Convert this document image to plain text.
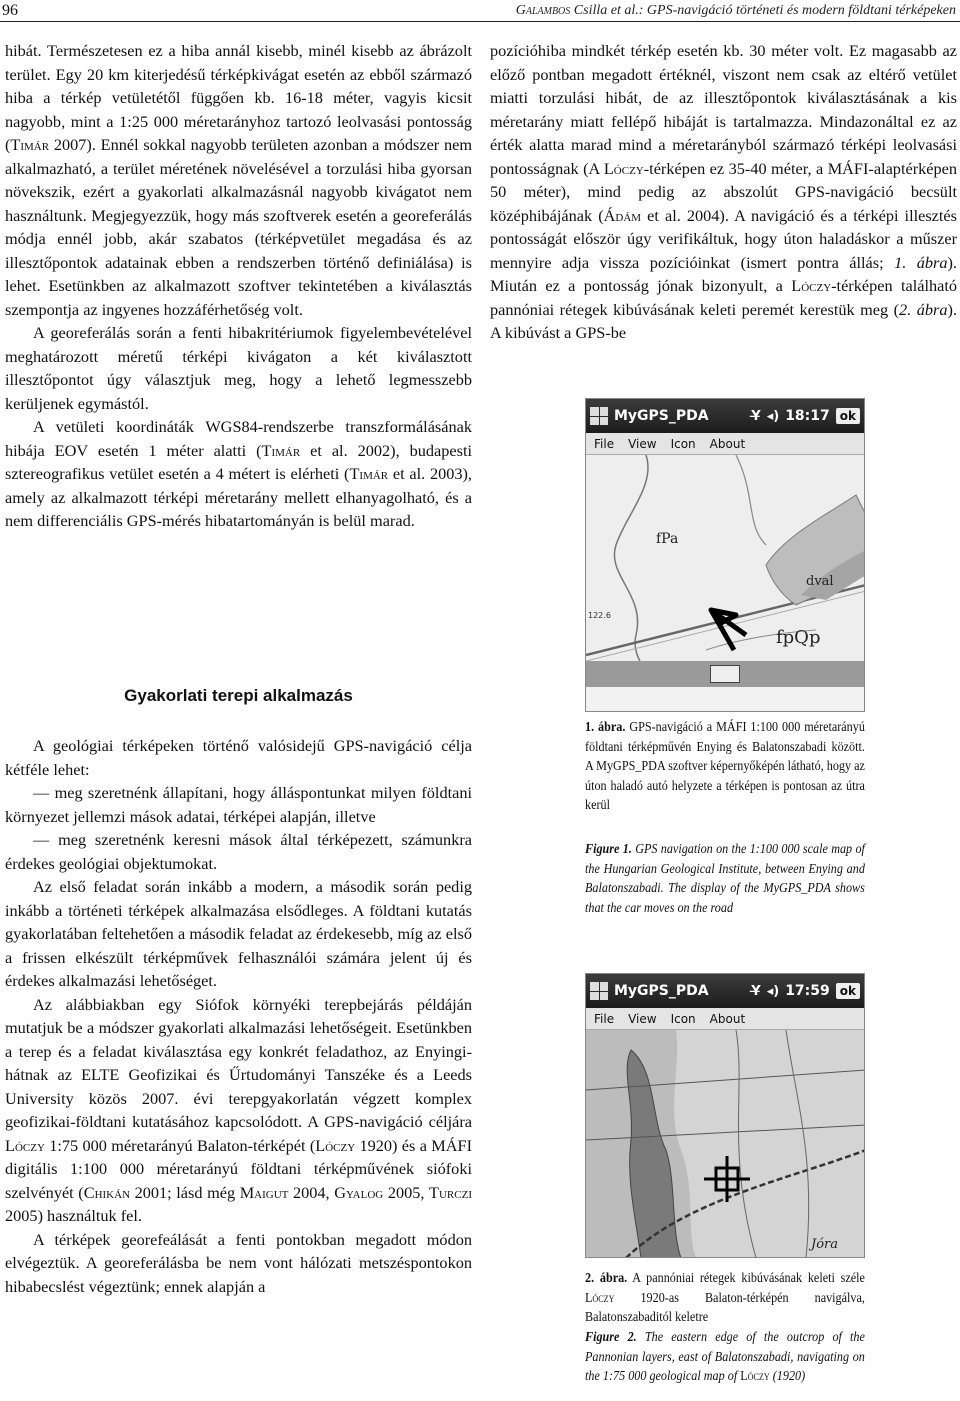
96	Galambos Csilla et al.: GPS-navigáció történeti és modern földtani térképeken

hibát. Természetesen ez a hiba annál kisebb, minél kisebb az ábrázolt terület. Egy 20 km kiterjedésű térképkivágat esetén az ebből származó hiba a térkép vetületétől függően kb. 16-18 méter, vagyis kicsit nagyobb, mint a 1:25 000 méretarányhoz tartozó leolvasási pontosság (Timár 2007). Ennél sokkal nagyobb területen azonban a módszer nem alkalmazható, a terület méretének növelésével a torzulási hiba gyorsan növekszik, ezért a gyakorlati alkalmazásnál nagyobb kivágatot nem használtunk. Megjegyezzük, hogy más szoftverek esetén a georeferálás módja ennél jobb, akár szabatos (térképvetület megadása és az illesztőpontok adatainak ebben a rendszerben történő definiálása) is lehet. Esetünkben az alkalmazott szoftver tekintetében a kiválasztás szempontja az ingyenes hozzáférhetőség volt.

A georeferálás során a fenti hibakritériumok figyelembevételével meghatározott méretű térképi kivágaton a két kiválasztott illesztőpontot úgy választjuk meg, hogy a lehető legmesszebb kerüljenek egymástól.

A vetületi koordináták WGS84-rendszerbe transzformálásának hibája EOV esetén 1 méter alatti (Timár et al. 2002), budapesti sztereografikus vetület esetén a 4 métert is elérheti (Timár et al. 2003), amely az alkalmazott térképi méretarány mellett elhanyagolható, és a nem differenciális GPS-mérés hibatartományán is belül marad.

Gyakorlati terepi alkalmazás

A geológiai térképeken történő valósidejű GPS-navigáció célja kétféle lehet:

— meg szeretnénk állapítani, hogy álláspontunkat milyen földtani környezet jellemzi mások adatai, térképei alapján, illetve

— meg szeretnénk keresni mások által térképezett, számunkra érdekes geológiai objektumokat.

Az első feladat során inkább a modern, a második során pedig inkább a történeti térképek alkalmazása elsődleges. A földtani kutatás gyakorlatában feltehetően a második feladat az érdekesebb, míg az első a frissen elkészült térképművek felhasználói számára jelent új és érdekes alkalmazási lehetőséget.

Az alábbiakban egy Siófok környéki terepbejárás példáján mutatjuk be a módszer gyakorlati alkalmazási lehetőségeit. Esetünkben a terep és a feladat kiválasztása egy konkrét feladathoz, az Enyingi-hátnak az ELTE Geofizikai és Űrtudományi Tanszéke és a Leeds University közös 2007. évi terepgyakorlatán végzett komplex geofizikai-földtani kutatásához kapcsolódott. A GPS-navigáció céljára Lóczy 1:75 000 méretarányú Balaton-térképét (Lóczy 1920) és a MÁFI digitális 1:100 000 méretarányú földtani térképművének siófoki szelvényét (Chikán 2001; lásd még Maigut 2004, Gyalog 2005, Turczi 2005) használtuk fel.

A térképek georefeálását a fenti pontokban megadott módon elvégeztük. A georeferálásba be nem vont hálózati metszéspontokon hibabecslést végeztünk; ennek alapján a

pozícióhiba mindkét térkép esetén kb. 30 méter volt. Ez magasabb az előző pontban megadott értéknél, viszont nem csak az eltérő vetület miatti torzulási hibát, de az illesztőpontok kiválasztásának a kis méretarány miatt fellépő hibáját is tartalmazza. Mindazonáltal ez az érték alatta marad mind a méretarányból származó térképi leolvasási pontosságnak (A Lóczy-térképen ez 35-40 méter, a MÁFI-alaptérképen 50 méter), mind pedig az abszolút GPS-navigáció becsült középhibájának (Ádám et al. 2004). A navigáció és a térképi illesztés pontosságát először úgy verifikáltuk, hogy úton haladáskor a műszer mennyire adja vissza pozícióinkat (ismert pontra állás; 1. ábra). Miután ez a pontosság jónak bizonyult, a Lóczy-térképen található pannóniai rétegek kibúvásának keleti peremét kerestük meg (2. ábra). A kibúvást a GPS-be

MyGPS_PDA	Y̶ ◂) 18:17 ok
File View Icon About
fPa
dval
fpQp
122.6
1. ábra. GPS-navigáció a MÁFI 1:100 000 méretarányú földtani térképművén Enying és Balatonszabadi között. A MyGPS_PDA szoftver képernyőképén látható, hogy az úton haladó autó helyzete a térképen is pontosan az útra kerül
Figure 1. GPS navigation on the 1:100 000 scale map of the Hungarian Geological Institute, between Enying and Balatonszabadi. The display of the MyGPS_PDA shows that the car moves on the road
MyGPS_PDA	Y̶ ◂) 17:59 ok
File View Icon About
Jóra
2. ábra. A pannóniai rétegek kibúvásának keleti széle Lóczy 1920-as Balaton-térképén navigálva, Balatonszabaditól keletre
Figure 2. The eastern edge of the outcrop of the Pannonian layers, east of Balatonszabadi, navigating on the 1:75 000 geological map of Lóczy (1920)
